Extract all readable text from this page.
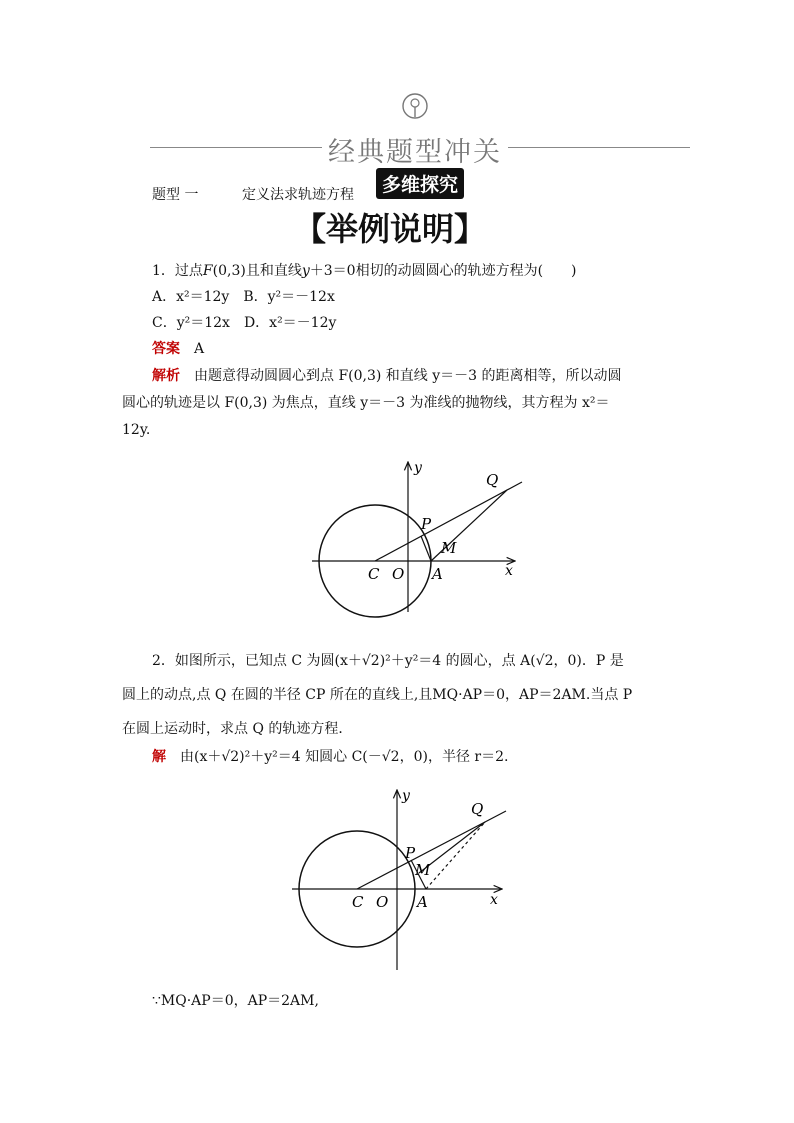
经典题型冲关
多维探究
题型 一	定义法求轨迹方程
【举例说明】
1．过点F(0,3)且和直线y＋3＝0相切的动圆圆心的轨迹方程为(　　)
A．x²＝12y　B．y²＝－12x
C．y²＝12x　D．x²＝－12y
答案　 A
解析　 由题意得动圆圆心到点 F(0,3) 和直线 y＝－3 的距离相等，所以动圆
圆心的轨迹是以 F(0,3) 为焦点，直线 y＝－3 为准线的抛物线，其方程为 x²＝
12y.
y
x
Q
P
M
C O A
2．如图所示，已知点 C 为圆(x＋√2)²＋y²＝4 的圆心，点 A(√2，0)．P 是
圆上的动点,点 Q 在圆的半径 CP 所在的直线上,且MQ·AP＝0，AP＝2AM.当点 P
在圆上运动时，求点 Q 的轨迹方程．
解　 由(x＋√2)²＋y²＝4 知圆心 C(－√2，0)，半径 r＝2.
y
x
Q
P
M
C O A
∵MQ·AP＝0，AP＝2AM,
